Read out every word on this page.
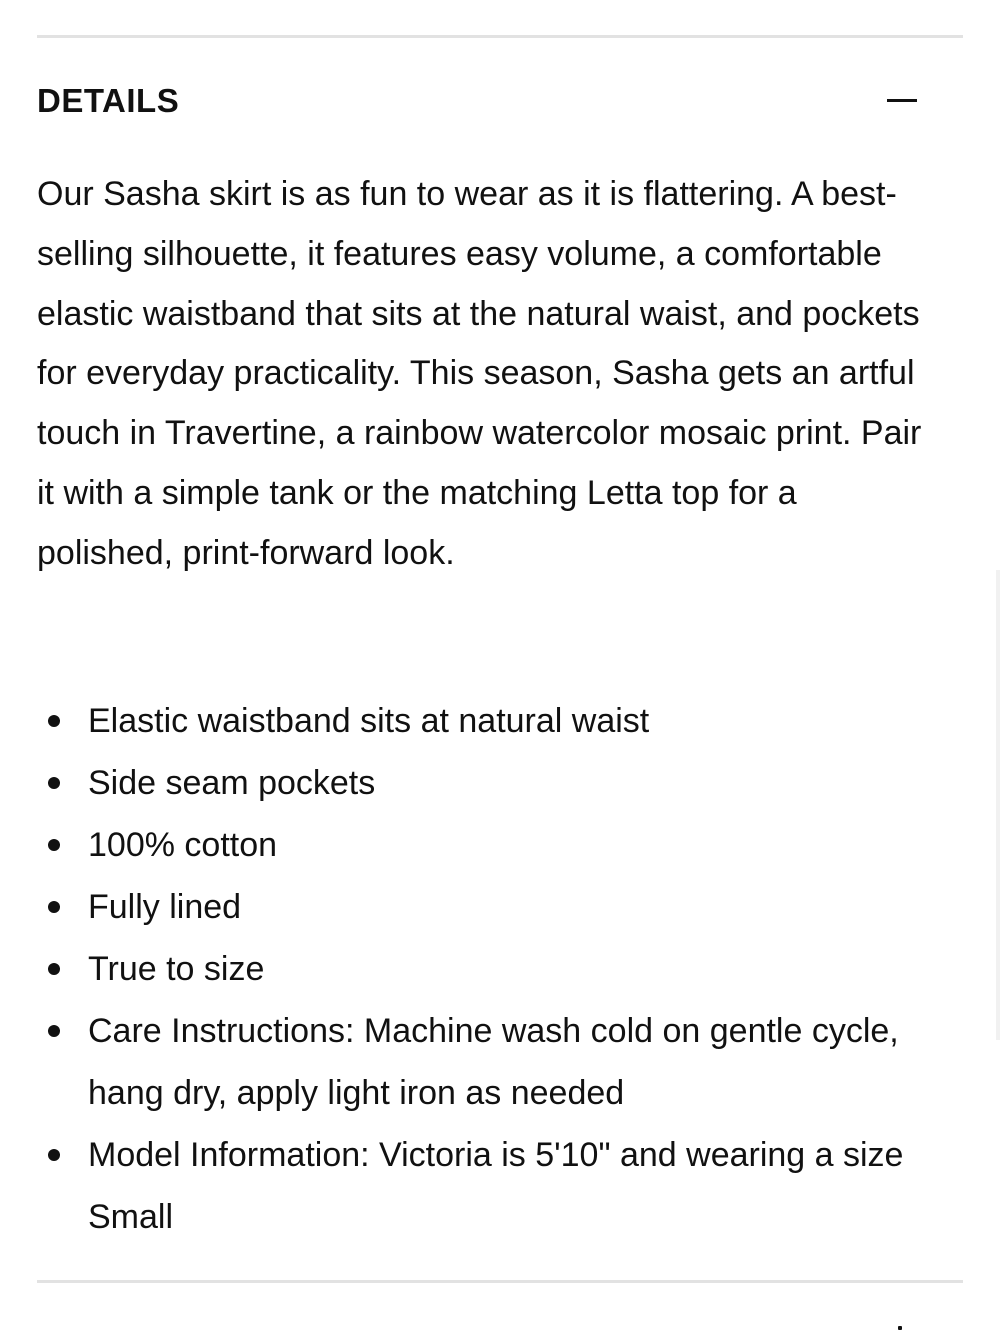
DETAILS

Our Sasha skirt is as fun to wear as it is flattering. A best-selling silhouette, it features easy volume, a comfortable elastic waistband that sits at the natural waist, and pockets for everyday practicality. This season, Sasha gets an artful touch in Travertine, a rainbow watercolor mosaic print. Pair it with a simple tank or the matching Letta top for a polished, print-forward look.

Elastic waistband sits at natural waist
Side seam pockets
100% cotton
Fully lined
True to size
Care Instructions: Machine wash cold on gentle cycle, hang dry, apply light iron as needed
Model Information: Victoria is 5'10" and wearing a size Small
